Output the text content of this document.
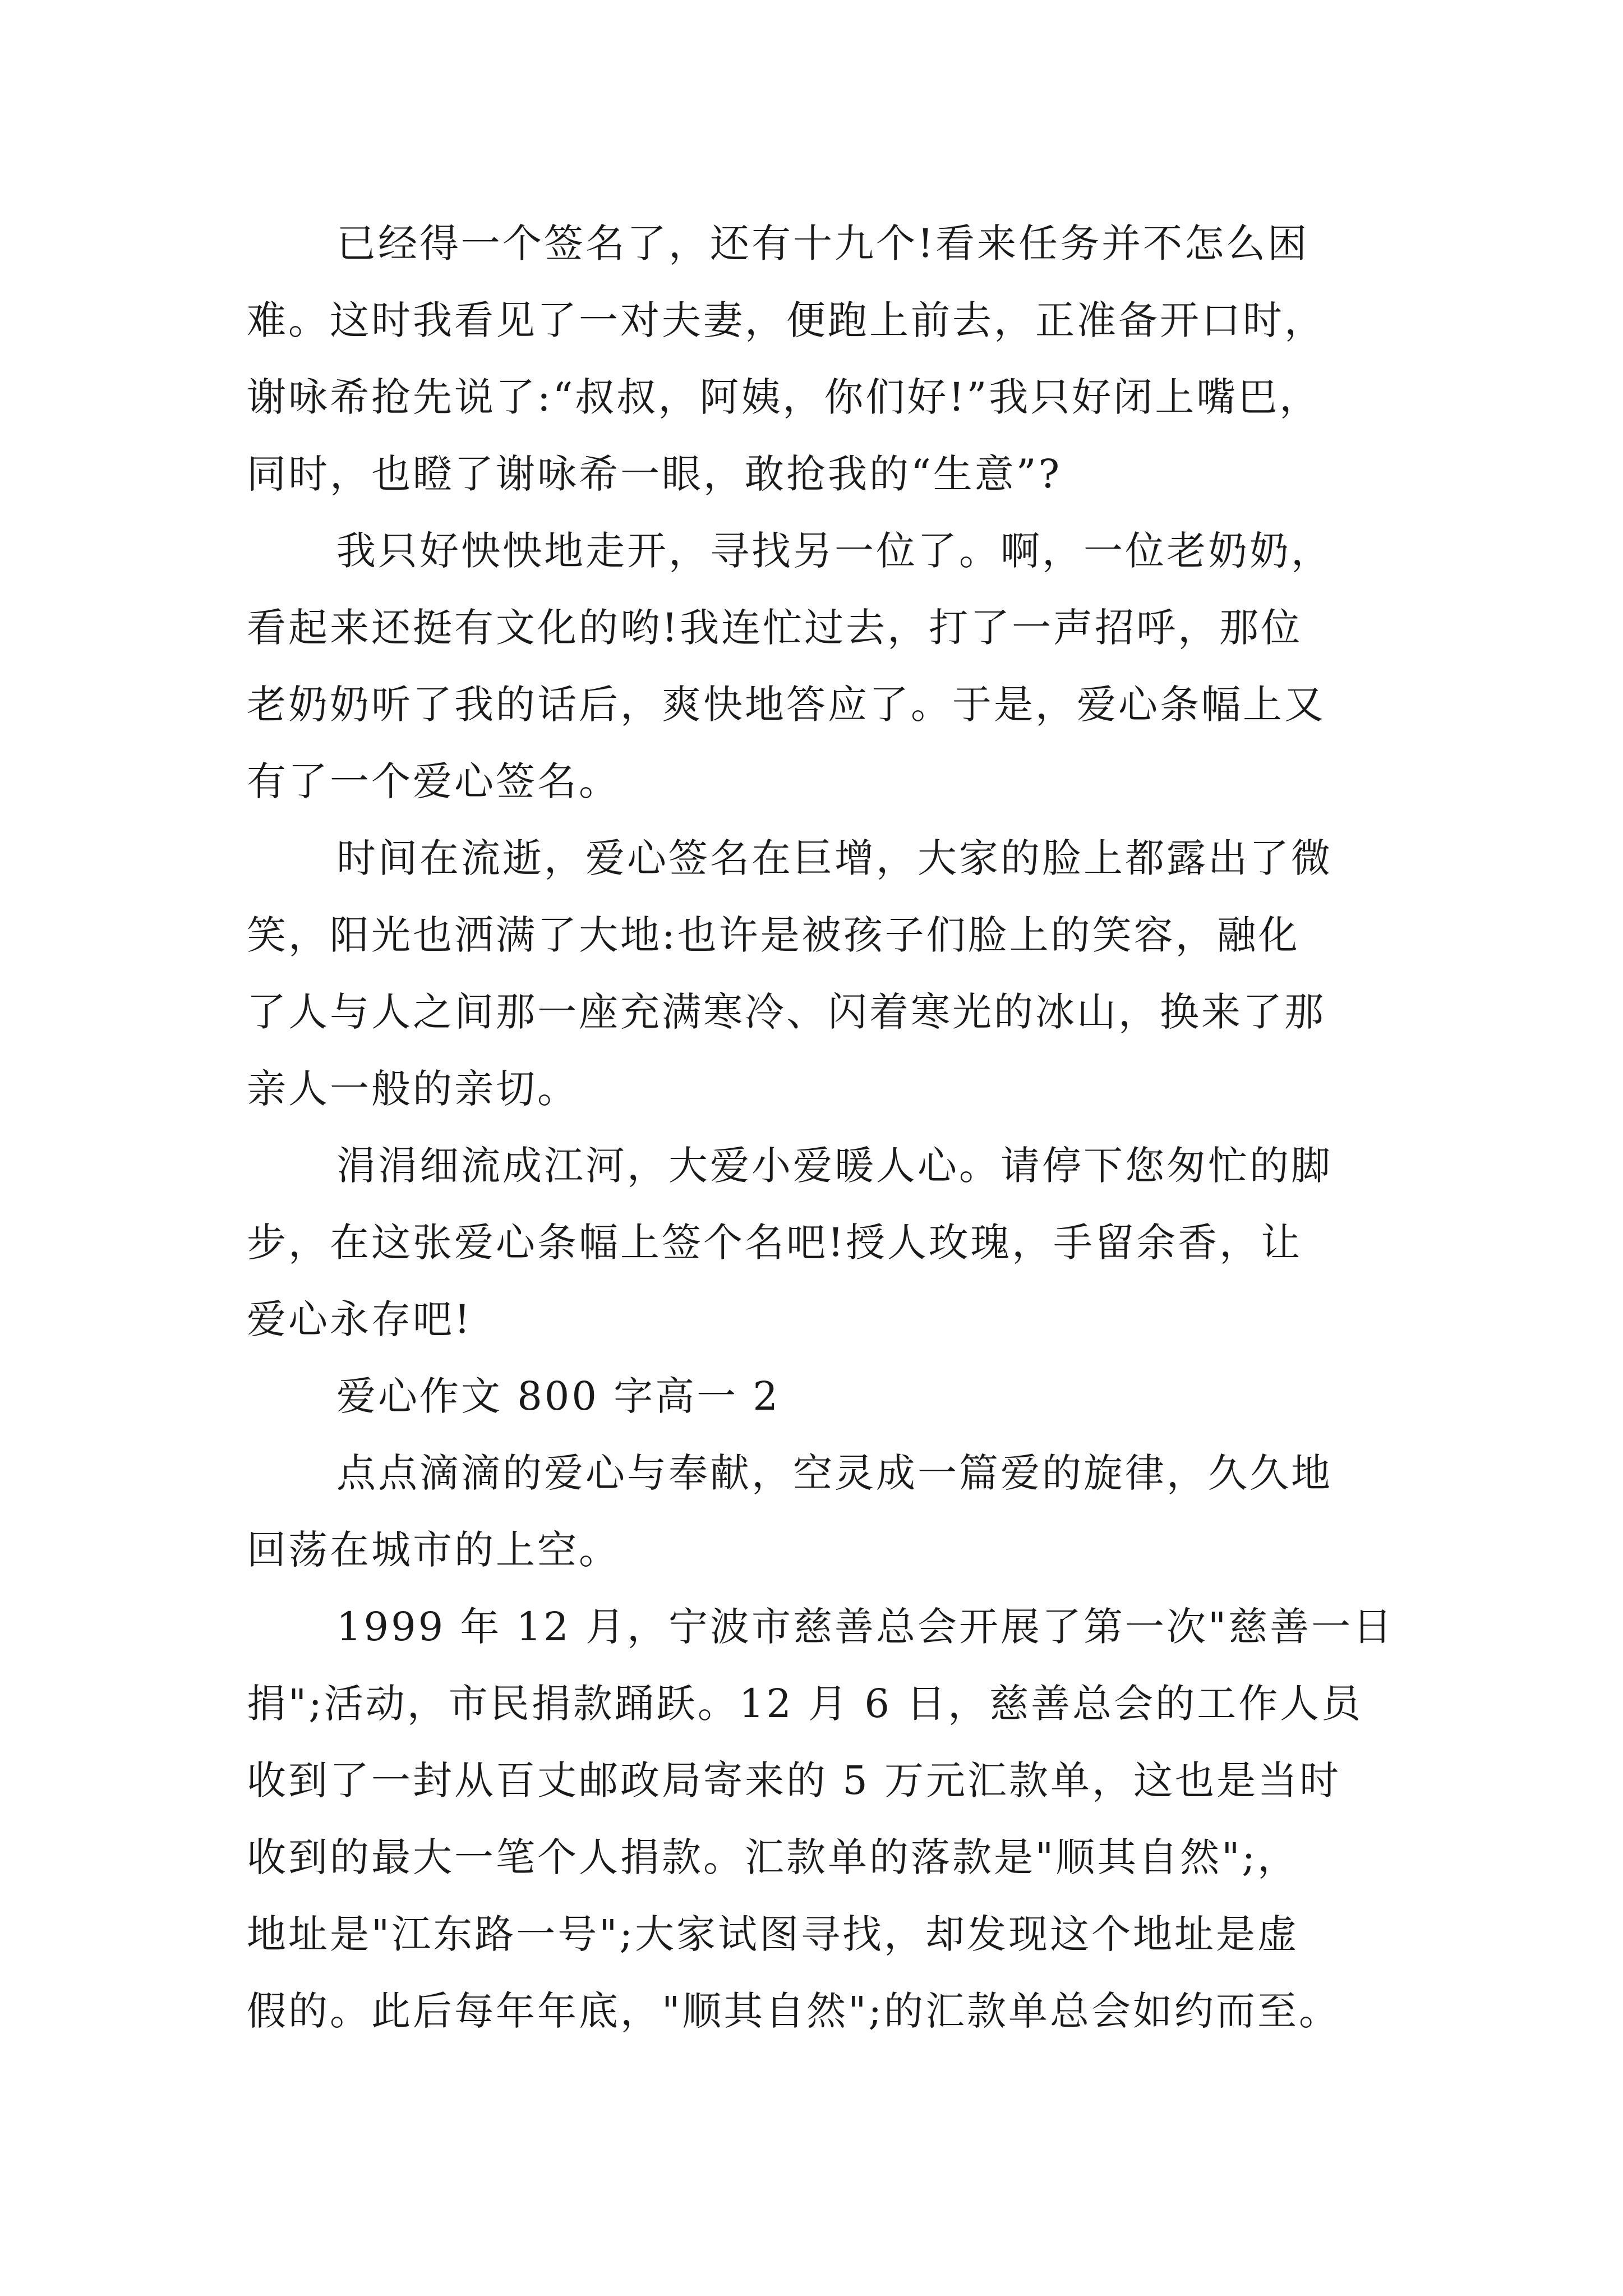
已经得一个签名了，还有十九个!看来任务并不怎么困
难。这时我看见了一对夫妻，便跑上前去，正准备开口时，
谢咏希抢先说了:“叔叔，阿姨，你们好!”我只好闭上嘴巴，
同时，也瞪了谢咏希一眼，敢抢我的“生意”?
我只好怏怏地走开，寻找另一位了。啊，一位老奶奶，
看起来还挺有文化的哟!我连忙过去，打了一声招呼，那位
老奶奶听了我的话后，爽快地答应了。于是，爱心条幅上又
有了一个爱心签名。
时间在流逝，爱心签名在巨增，大家的脸上都露出了微
笑，阳光也洒满了大地:也许是被孩子们脸上的笑容，融化
了人与人之间那一座充满寒冷、闪着寒光的冰山，换来了那
亲人一般的亲切。
涓涓细流成江河，大爱小爱暖人心。请停下您匆忙的脚
步，在这张爱心条幅上签个名吧!授人玫瑰，手留余香，让
爱心永存吧!
爱心作文 800 字高一 2
点点滴滴的爱心与奉献，空灵成一篇爱的旋律，久久地
回荡在城市的上空。
1999 年 12 月，宁波市慈善总会开展了第一次"慈善一日
捐";活动，市民捐款踊跃。12 月 6 日，慈善总会的工作人员
收到了一封从百丈邮政局寄来的 5 万元汇款单，这也是当时
收到的最大一笔个人捐款。汇款单的落款是"顺其自然";，
地址是"江东路一号";大家试图寻找，却发现这个地址是虚
假的。此后每年年底，"顺其自然";的汇款单总会如约而至。
